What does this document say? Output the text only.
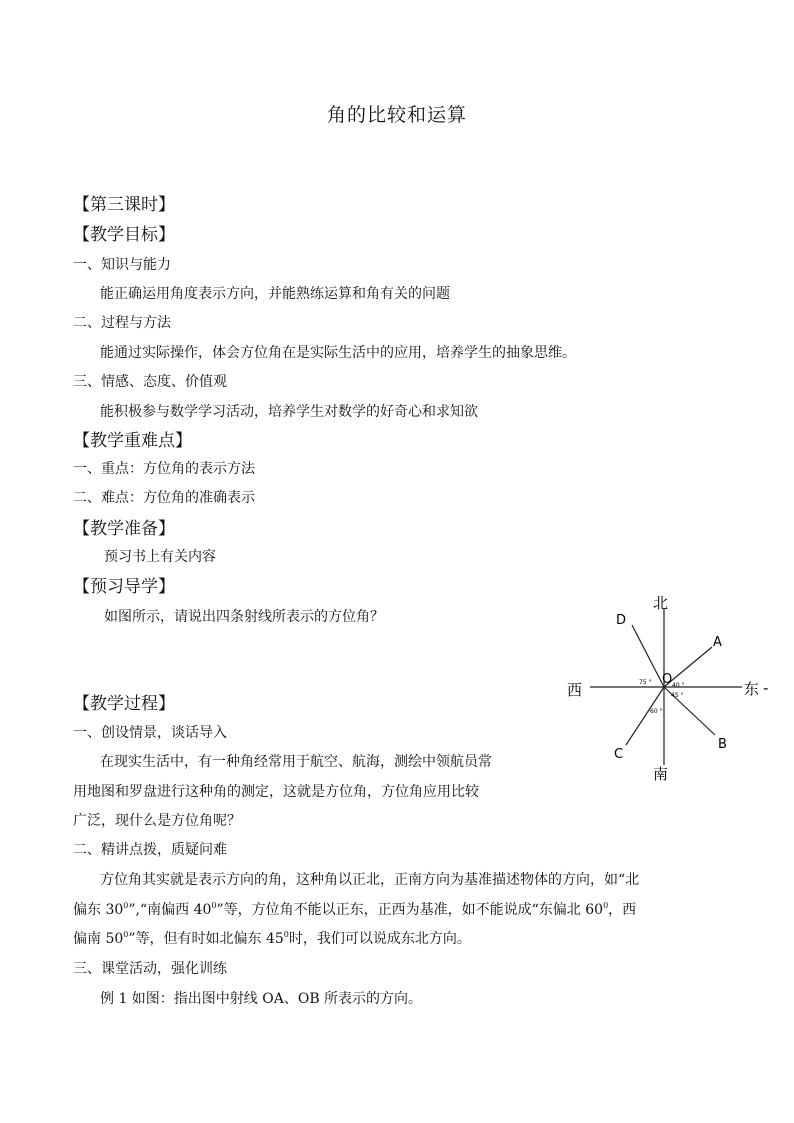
角的比较和运算
【第三课时】
【教学目标】
一、知识与能力
能正确运用角度表示方向，并能熟练运算和角有关的问题
二、过程与方法
能通过实际操作，体会方位角在是实际生活中的应用，培养学生的抽象思维。
三、情感、态度、价值观
能积极参与数学学习活动，培养学生对数学的好奇心和求知欲
【教学重难点】
一、重点：方位角的表示方法
二、难点：方位角的准确表示
【教学准备】
预习书上有关内容
【预习导学】
如图所示，请说出四条射线所表示的方位角？
北
南
西	东 -
A
B
C
D
O
75 °	40 °
45 °
60 °
【教学过程】
一、创设情景，谈话导入
在现实生活中，有一种角经常用于航空、航海，测绘中领航员常
用地图和罗盘进行这种角的测定，这就是方位角，方位角应用比较
广泛，现什么是方位角呢？
二、精讲点拨，质疑问难
方位角其实就是表示方向的角，这种角以正北，正南方向为基准描述物体的方向，如“北
偏东 $30^0”,“$南偏西 $40^0$”等，方位角不能以正东，正西为基准，如不能说成“东偏北 $60^0$，西
偏南 $50^0$”等，但有时如北偏东 $45^0$时，我们可以说成东北方向。
三、课堂活动，强化训练
例 1 如图：指出图中射线 OA、OB 所表示的方向。
